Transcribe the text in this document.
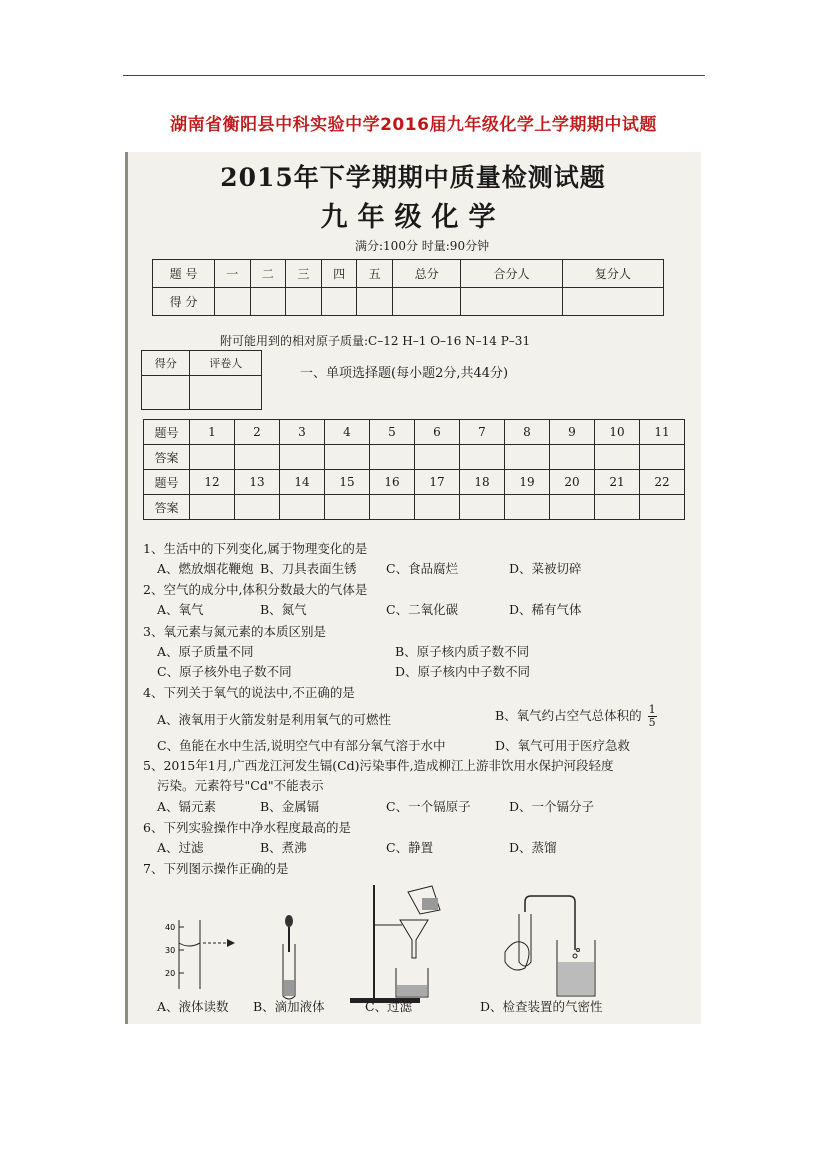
湖南省衡阳县中科实验中学2016届九年级化学上学期期中试题
2015年下学期期中质量检测试题
九年级化学
满分:100分 时量:90分钟
题 号	一	二	三	四	五	总分	合分人	复分人
得 分								
附可能用到的相对原子质量:C–12 H–1 O–16 N–14 P–31
得分	评卷人

一、单项选择题(每小题2分,共44分)
题号	1	2	3	4	5	6	7	8	9	10	11
答案											
题号	12	13	14	15	16	17	18	19	20	21	22
答案											
1、生活中的下列变化,属于物理变化的是
A、燃放烟花鞭炮 B、刀具表面生锈 C、食品腐烂	D、菜被切碎
2、空气的成分中,体积分数最大的气体是
A、氧气	B、氮气	C、二氧化碳	D、稀有气体
3、氧元素与氮元素的本质区别是
A、原子质量不同	B、原子核内质子数不同
C、原子核外电子数不同	D、原子核内中子数不同
4、下列关于氧气的说法中,不正确的是
A、液氧用于火箭发射是利用氧气的可燃性	B、氧气约占空气总体积的 $\frac{1}{5}$
C、鱼能在水中生活,说明空气中有部分氧气溶于水中	D、氧气可用于医疗急救
5、2015年1月,广西龙江河发生镉(Cd)污染事件,造成柳江上游非饮用水保护河段轻度
污染。元素符号"Cd"不能表示
A、镉元素	B、金属镉	C、一个镉原子	D、一个镉分子
6、下列实验操作中净水程度最高的是
A、过滤	B、煮沸	C、静置	D、蒸馏
7、下列图示操作正确的是
40
30
20
A、液体读数 B、滴加液体	C、过滤	D、检查装置的气密性
